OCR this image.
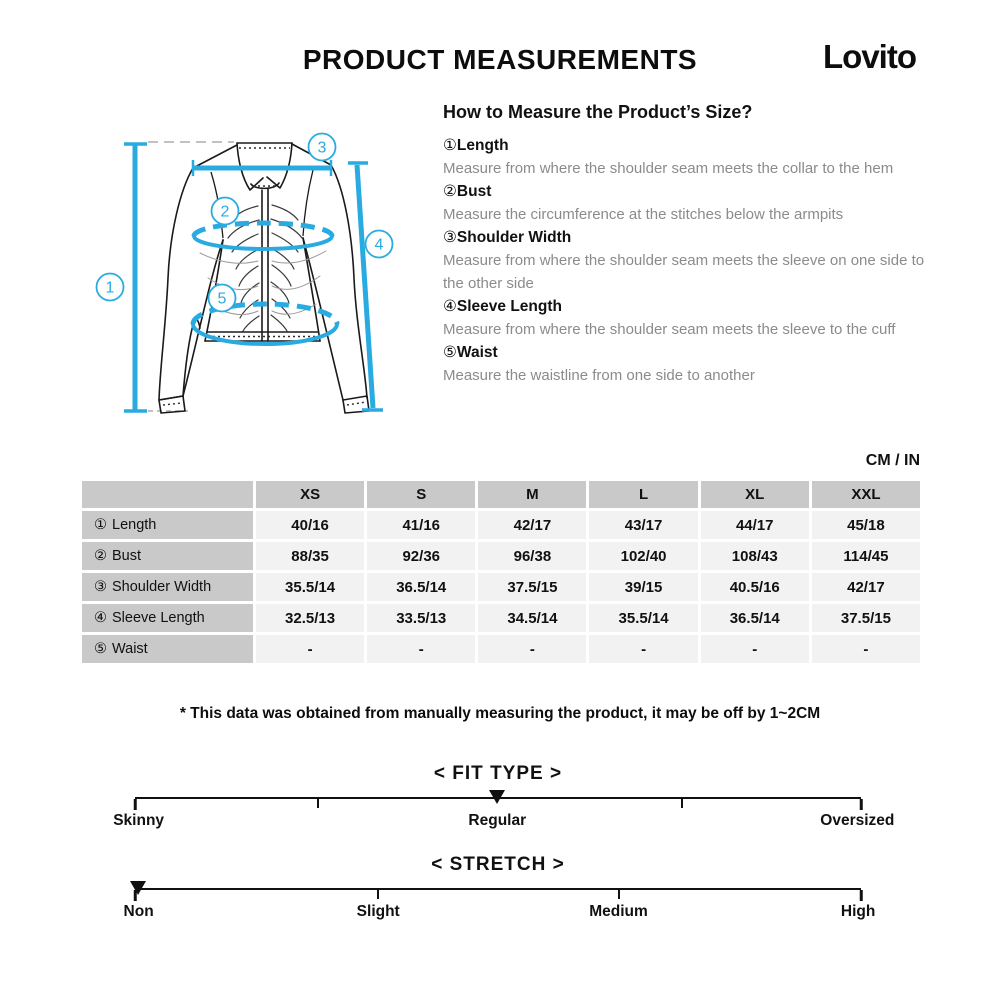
PRODUCT MEASUREMENTS	Lovito
1
2
3
4
5
How to Measure the Product’s Size?
①Length

Measure from where the shoulder seam meets the collar to the hem

②Bust

Measure the circumference at the stitches below the armpits

③Shoulder Width

Measure from where the shoulder seam meets the sleeve on one side to the other side

④Sleeve Length

Measure from where the shoulder seam meets the sleeve to the cuff

⑤Waist

Measure the waistline from one side to another

CM / IN
XS	S	M	L	XL	XXL
① Length	40/16	41/16	42/17	43/17	44/17	45/18
② Bust	88/35	92/36	96/38	102/40	108/43	114/45
③ Shoulder Width	35.5/14	36.5/14	37.5/15	39/15	40.5/16	42/17
④ Sleeve Length	32.5/13	33.5/13	34.5/14	35.5/14	36.5/14	37.5/15
⑤ Waist	-	-	-	-	-	-

* This data was obtained from manually measuring the product, it may be off by 1~2CM

< FIT TYPE >
Skinny	Regular	Oversized
< STRETCH >
Non	Slight	Medium	High
